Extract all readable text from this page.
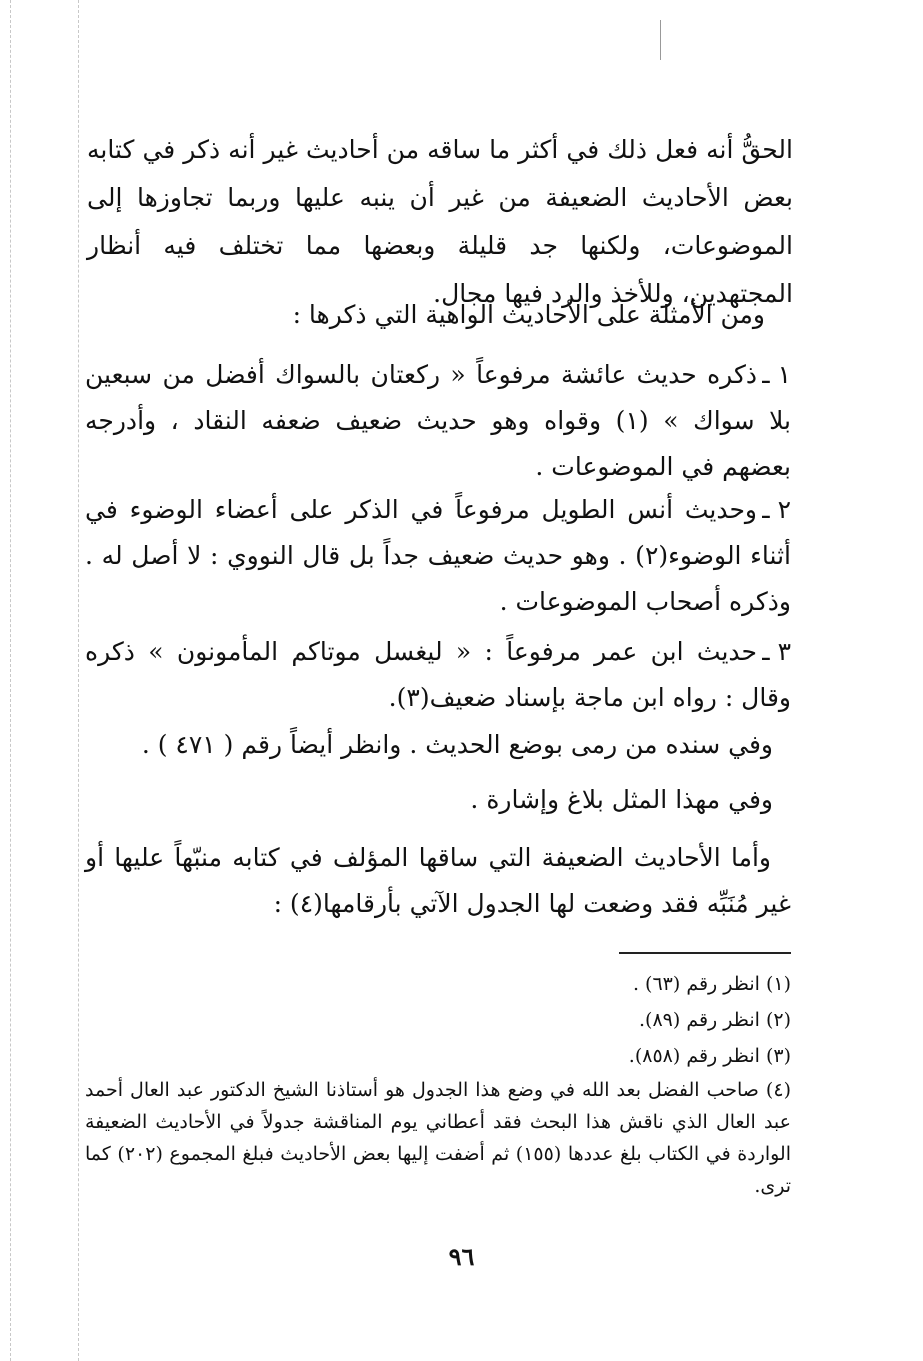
الحقُّ أنه فعل ذلك في أكثر ما ساقه من أحاديث غير أنه ذكر في كتابه بعض الأحاديث الضعيفة من غير أن ينبه عليها وربما تجاوزها إلى الموضوعات، ولكنها جد قليلة وبعضها مما تختلف فيه أنظار المجتهدين، وللأخذ والرد فيها مجال.
ومن الأمثلة على الأحاديث الواهية التي ذكرها :
١ ـذكره حديث عائشة مرفوعاً « ركعتان بالسواك أفضل من سبعين بلا سواك » (١) وقواه وهو حديث ضعيف ضعفه النقاد ، وأدرجه بعضهم في الموضوعات .
٢ ـوحديث أنس الطويل مرفوعاً في الذكر على أعضاء الوضوء في أثناء الوضوء(٢) . وهو حديث ضعيف جداً بل قال النووي : لا أصل له . وذكره أصحاب الموضوعات .
٣ ـحديث ابن عمر مرفوعاً : « ليغسل موتاكم المأمونون » ذكره وقال : رواه ابن ماجة بإسناد ضعيف(٣).
وفي سنده من رمى بوضع الحديث . وانظر أيضاً رقم ( ٤٧١ ) .
وفي مهذا المثل بلاغ وإشارة .
وأما الأحاديث الضعيفة التي ساقها المؤلف في كتابه منبّهاً عليها أو غير مُنَبِّه فقد وضعت لها الجدول الآتي بأرقامها(٤) :
(١) انظر رقم (٦٣) .
(٢) انظر رقم (٨٩).
(٣) انظر رقم (٨٥٨).
(٤) صاحب الفضل بعد الله في وضع هذا الجدول هو أستاذنا الشيخ الدكتور عبد العال أحمد عبد العال الذي ناقش هذا البحث فقد أعطاني يوم المناقشة جدولاً في الأحاديث الضعيفة الواردة في الكتاب بلغ عددها (١٥٥) ثم أضفت إليها بعض الأحاديث فبلغ المجموع (٢٠٢) كما ترى.
٩٦
